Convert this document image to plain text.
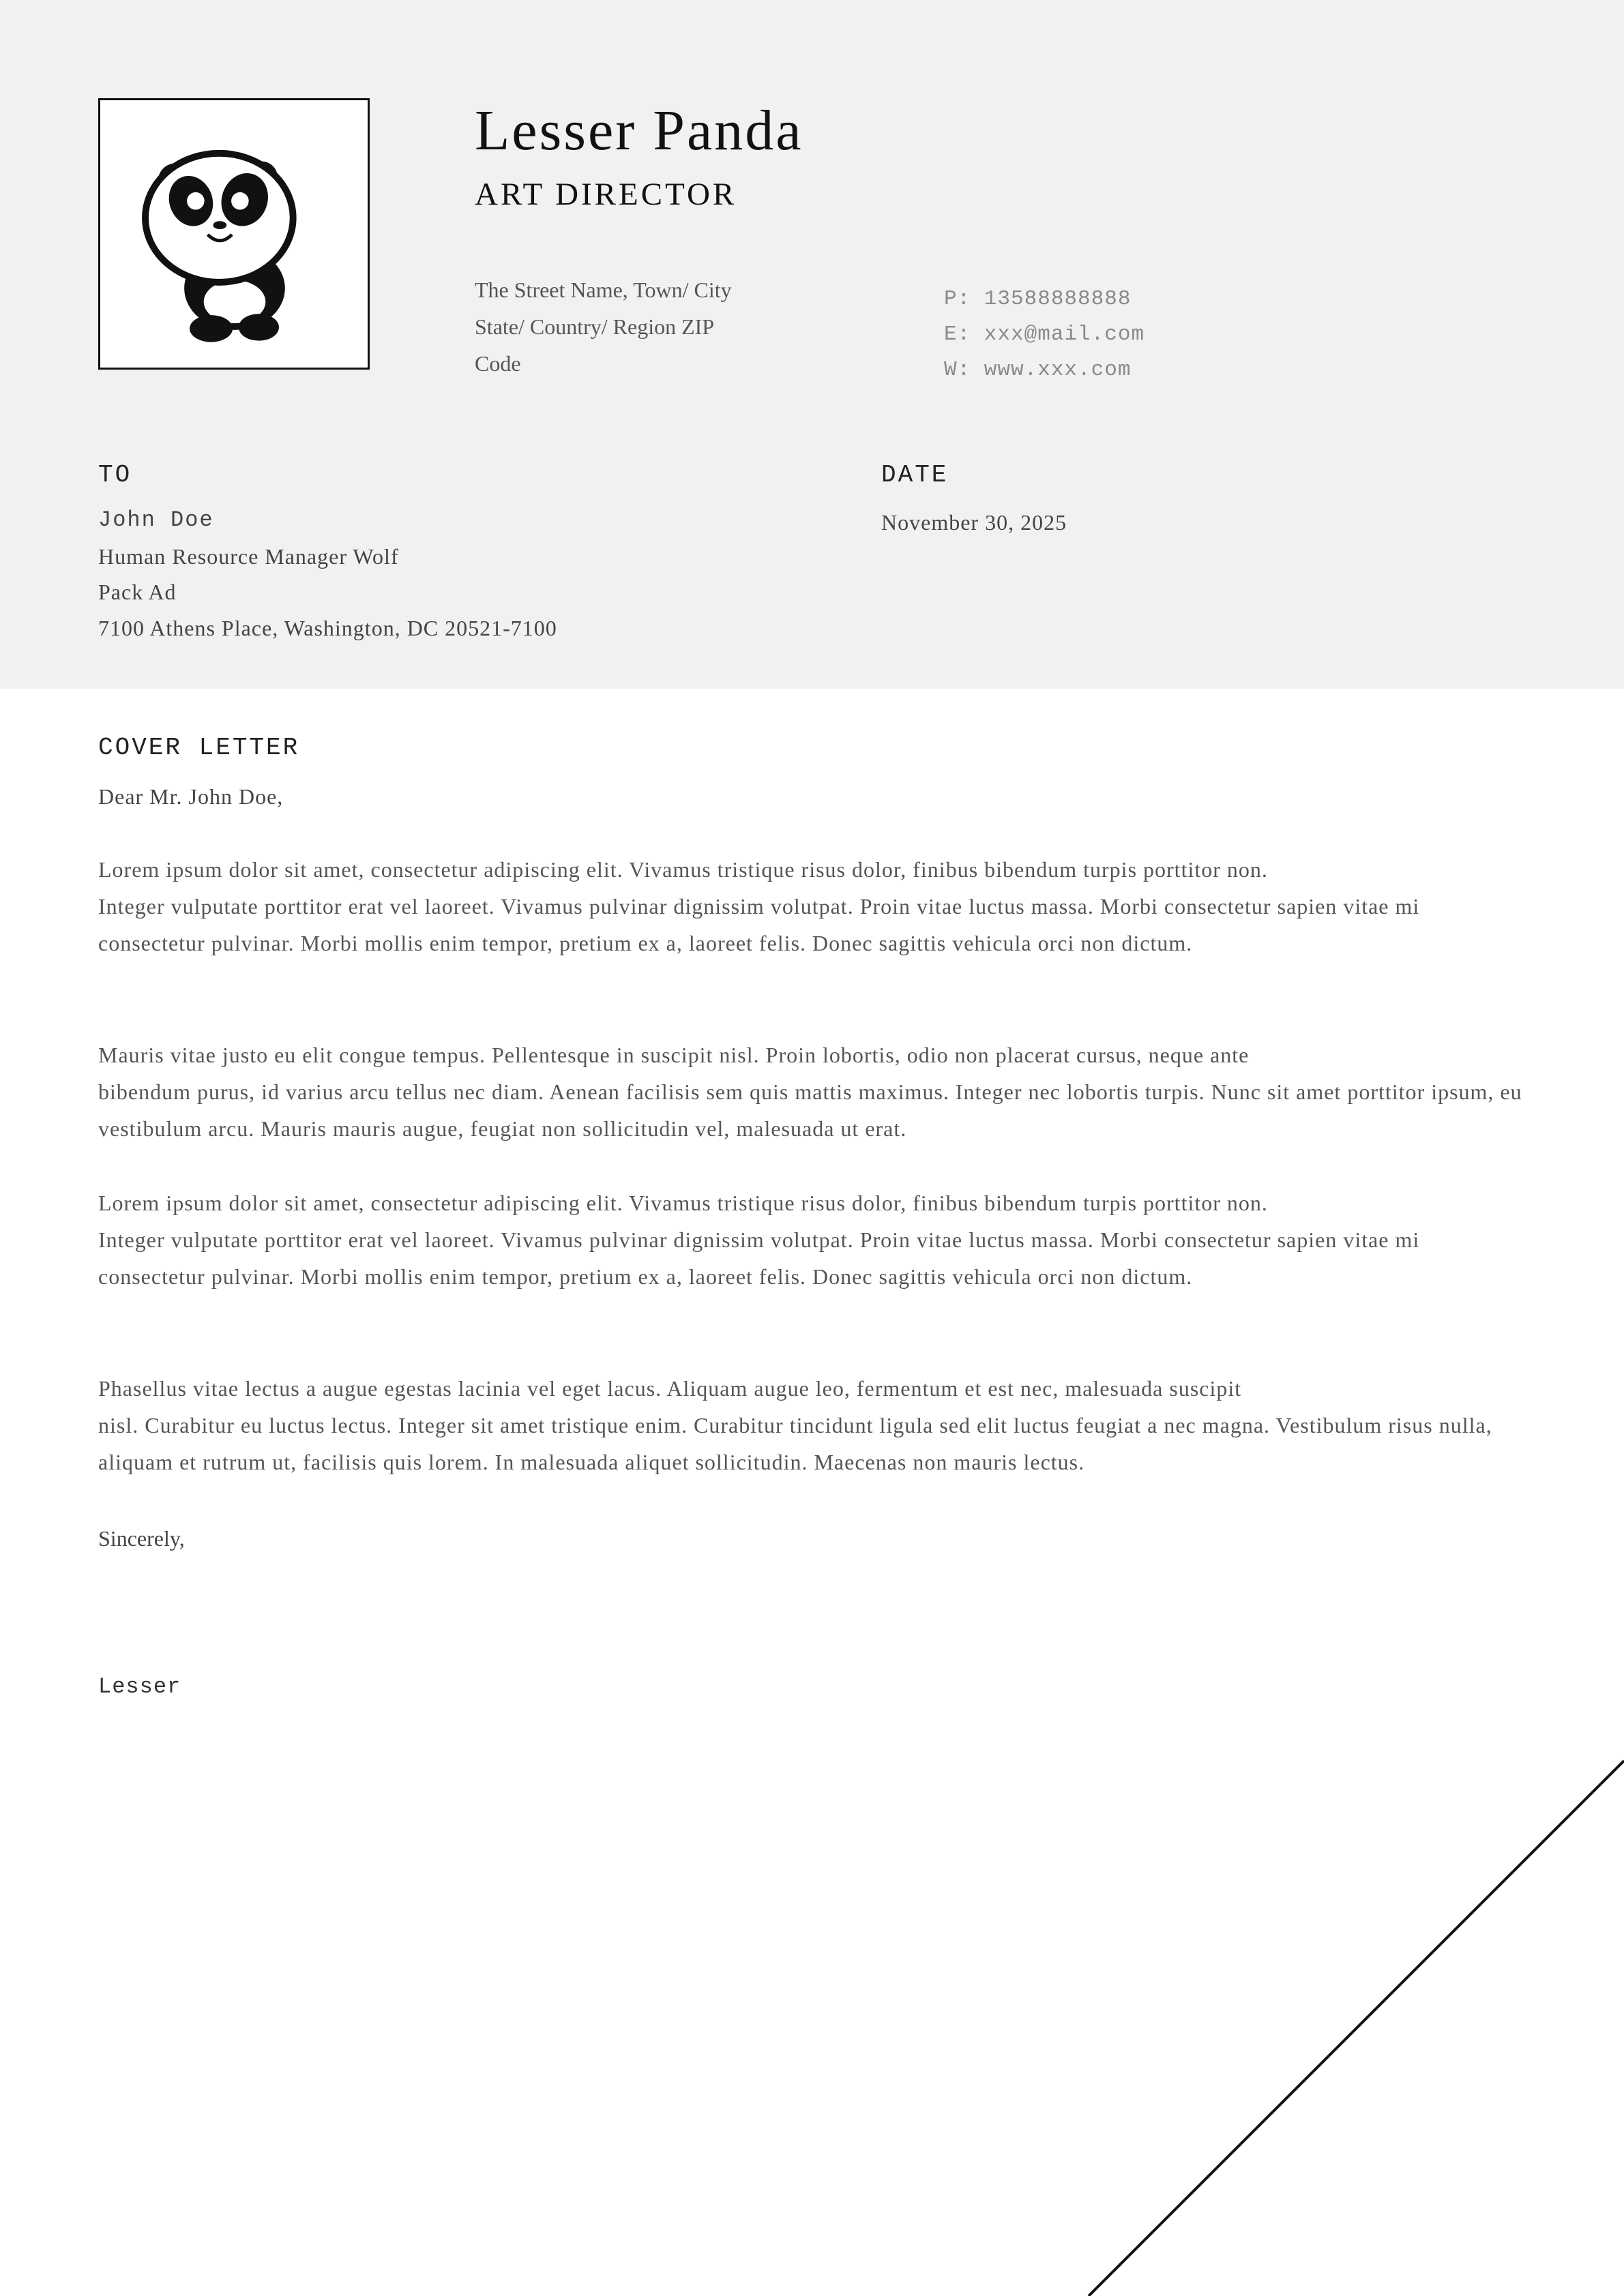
Lesser Panda
ART DIRECTOR
The Street Name, Town/ City
State/ Country/ Region ZIP
Code
P: 13588888888
E: xxx@mail.com
W: www.xxx.com
TO
John Doe
Human Resource Manager Wolf
Pack Ad
7100 Athens Place, Washington, DC 20521-7100
DATE
November 30, 2025
COVER LETTER
Dear Mr. John Doe,
Lorem ipsum dolor sit amet, consectetur adipiscing elit. Vivamus tristique risus dolor, finibus bibendum turpis porttitor non.
Integer vulputate porttitor erat vel laoreet. Vivamus pulvinar dignissim volutpat. Proin vitae luctus massa. Morbi consectetur sapien vitae mi
consectetur pulvinar. Morbi mollis enim tempor, pretium ex a, laoreet felis. Donec sagittis vehicula orci non dictum.
Mauris vitae justo eu elit congue tempus. Pellentesque in suscipit nisl. Proin lobortis, odio non placerat cursus, neque ante
bibendum purus, id varius arcu tellus nec diam. Aenean facilisis sem quis mattis maximus. Integer nec lobortis turpis. Nunc sit amet porttitor ipsum, eu
vestibulum arcu. Mauris mauris augue, feugiat non sollicitudin vel, malesuada ut erat.
Lorem ipsum dolor sit amet, consectetur adipiscing elit. Vivamus tristique risus dolor, finibus bibendum turpis porttitor non.
Integer vulputate porttitor erat vel laoreet. Vivamus pulvinar dignissim volutpat. Proin vitae luctus massa. Morbi consectetur sapien vitae mi
consectetur pulvinar. Morbi mollis enim tempor, pretium ex a, laoreet felis. Donec sagittis vehicula orci non dictum.
Phasellus vitae lectus a augue egestas lacinia vel eget lacus. Aliquam augue leo, fermentum et est nec, malesuada suscipit
nisl. Curabitur eu luctus lectus. Integer sit amet tristique enim. Curabitur tincidunt ligula sed elit luctus feugiat a nec magna. Vestibulum risus nulla,
aliquam et rutrum ut, facilisis quis lorem. In malesuada aliquet sollicitudin. Maecenas non mauris lectus.
Sincerely,
Lesser
